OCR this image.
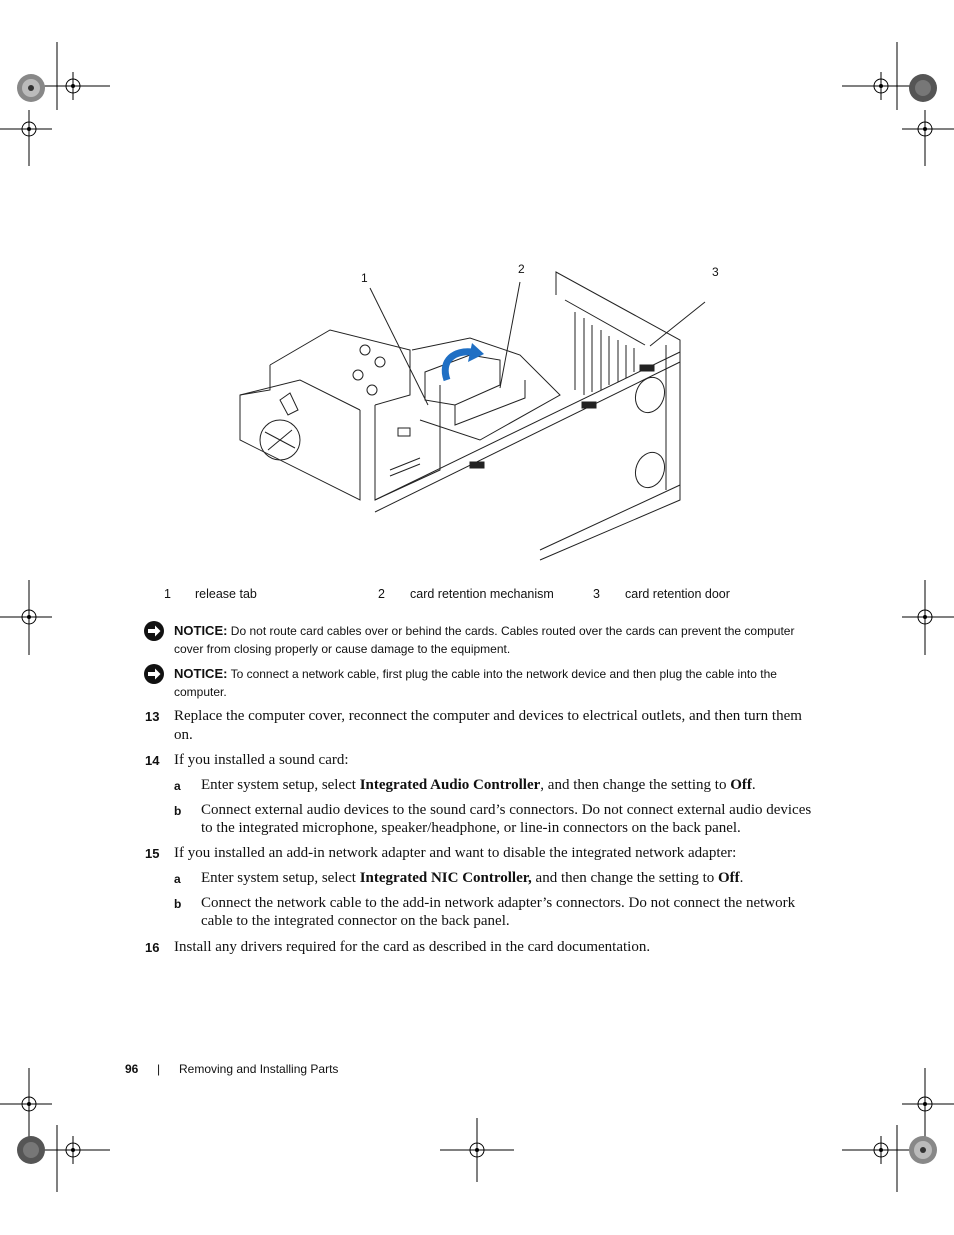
1
2	3
1 release tab	2 card retention mechanism	3 card retention door
NOTICE: Do not route card cables over or behind the cards. Cables routed over the cards can prevent the computer cover from closing properly or cause damage to the equipment.
NOTICE: To connect a network cable, first plug the cable into the network device and then plug the cable into the computer.
13 Replace the computer cover, reconnect the computer and devices to electrical outlets, and then turn them on.
14 If you installed a sound card:
a Enter system setup, select Integrated Audio Controller, and then change the setting to Off.
b Connect external audio devices to the sound card’s connectors. Do not connect external audio devices to the integrated microphone, speaker/headphone, or line-in connectors on the back panel.
15 If you installed an add-in network adapter and want to disable the integrated network adapter:
a Enter system setup, select Integrated NIC Controller, and then change the setting to Off.
b Connect the network cable to the add-in network adapter’s connectors. Do not connect the network cable to the integrated connector on the back panel.
16 Install any drivers required for the card as described in the card documentation.
96 | Removing and Installing Parts
